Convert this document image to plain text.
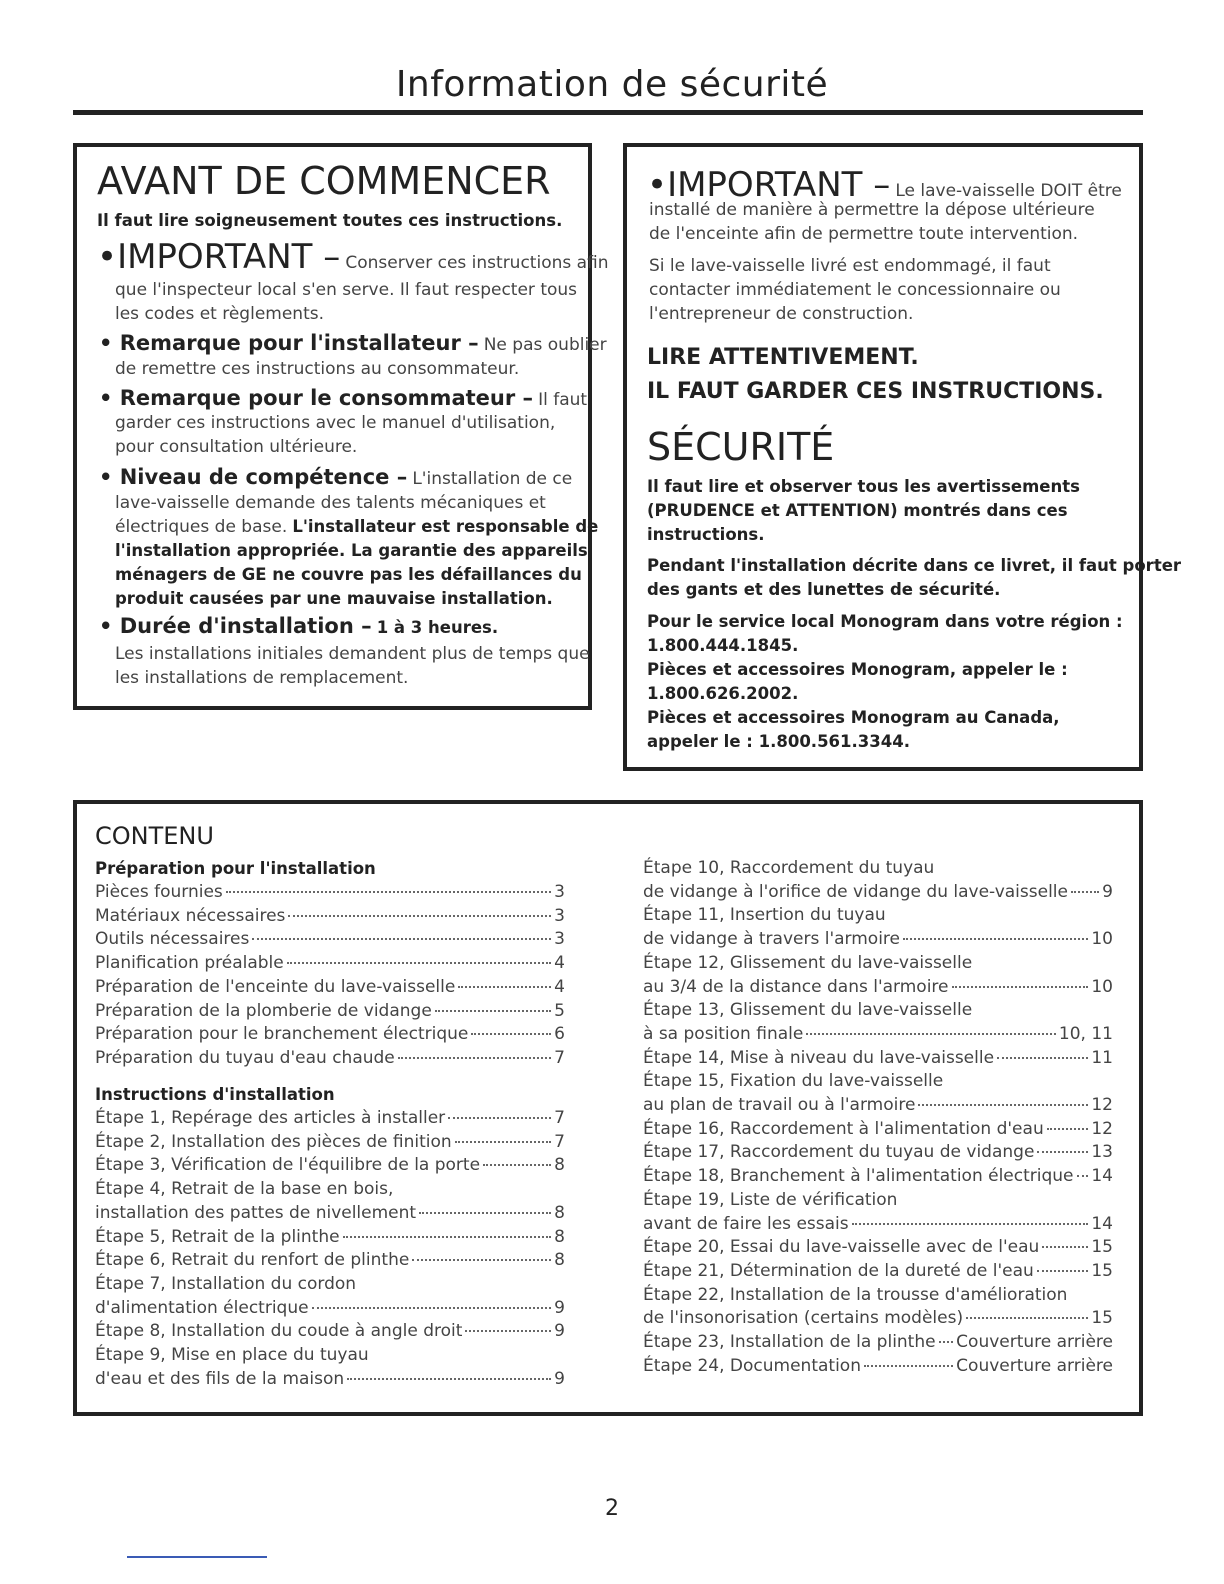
Information de sécurité
AVANT DE COMMENCER
Il faut lire soigneusement toutes ces instructions.
•IMPORTANT – Conserver ces instructions afin
que l'inspecteur local s'en serve. Il faut respecter tous
les codes et règlements.
• Remarque pour l'installateur – Ne pas oublier
de remettre ces instructions au consommateur.
• Remarque pour le consommateur – Il faut
garder ces instructions avec le manuel d'utilisation,
pour consultation ultérieure.
• Niveau de compétence – L'installation de ce
lave-vaisselle demande des talents mécaniques et
électriques de base. L'installateur est responsable de
l'installation appropriée. La garantie des appareils
ménagers de GE ne couvre pas les défaillances du
produit causées par une mauvaise installation.
• Durée d'installation – 1 à 3 heures.
Les installations initiales demandent plus de temps que
les installations de remplacement.
•IMPORTANT – Le lave-vaisselle DOIT être
installé de manière à permettre la dépose ultérieure
de l'enceinte afin de permettre toute intervention.
Si le lave-vaisselle livré est endommagé, il faut
contacter immédiatement le concessionnaire ou
l'entrepreneur de construction.
LIRE ATTENTIVEMENT.
IL FAUT GARDER CES INSTRUCTIONS.
SÉCURITÉ
Il faut lire et observer tous les avertissements
(PRUDENCE et ATTENTION) montrés dans ces
instructions.
Pendant l'installation décrite dans ce livret, il faut porter
des gants et des lunettes de sécurité.
Pour le service local Monogram dans votre région :
1.800.444.1845.
Pièces et accessoires Monogram, appeler le :
1.800.626.2002.
Pièces et accessoires Monogram au Canada,
appeler le : 1.800.561.3344.
CONTENU
Préparation pour l'installation
Pièces fournies	3
Matériaux nécessaires	3
Outils nécessaires	3
Planification préalable	4
Préparation de l'enceinte du lave-vaisselle	4
Préparation de la plomberie de vidange	5
Préparation pour le branchement électrique	6
Préparation du tuyau d'eau chaude	7
Instructions d'installation
Étape 1, Repérage des articles à installer	7
Étape 2, Installation des pièces de finition	7
Étape 3, Vérification de l'équilibre de la porte	8
Étape 4, Retrait de la base en bois,
installation des pattes de nivellement	8
Étape 5, Retrait de la plinthe	8
Étape 6, Retrait du renfort de plinthe	8
Étape 7, Installation du cordon
d'alimentation électrique	9
Étape 8, Installation du coude à angle droit	9
Étape 9, Mise en place du tuyau
d'eau et des fils de la maison	9
Étape 10, Raccordement du tuyau
de vidange à l'orifice de vidange du lave-vaisselle 9
Étape 11, Insertion du tuyau
de vidange à travers l'armoire	10
Étape 12, Glissement du lave-vaisselle
au 3/4 de la distance dans l'armoire	10
Étape 13, Glissement du lave-vaisselle
à sa position finale	10, 11
Étape 14, Mise à niveau du lave-vaisselle	11
Étape 15, Fixation du lave-vaisselle
au plan de travail ou à l'armoire	12
Étape 16, Raccordement à l'alimentation d'eau	12
Étape 17, Raccordement du tuyau de vidange	13
Étape 18, Branchement à l'alimentation électrique 14
Étape 19, Liste de vérification
avant de faire les essais	14
Étape 20, Essai du lave-vaisselle avec de l'eau	15
Étape 21, Détermination de la dureté de l'eau	15
Étape 22, Installation de la trousse d'amélioration
de l'insonorisation (certains modèles)	15
Étape 23, Installation de la plinthe Couverture arrière
Étape 24, Documentation	Couverture arrière
2
